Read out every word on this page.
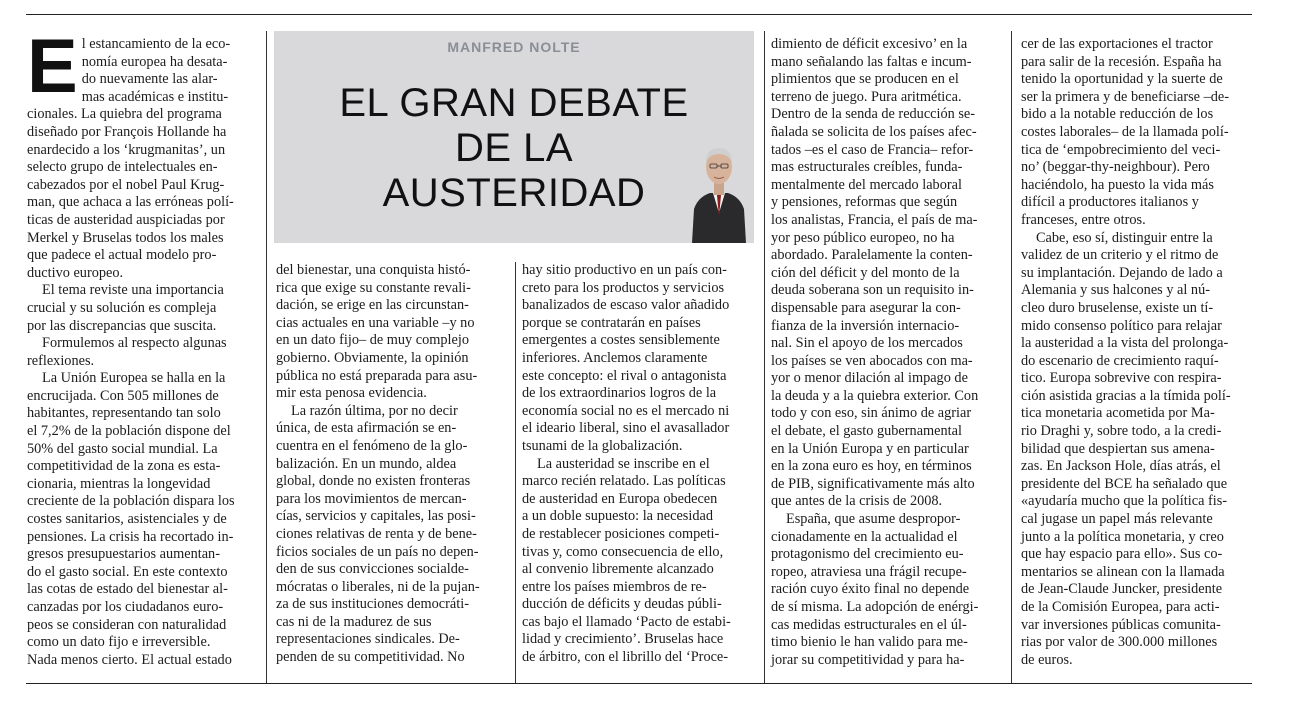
MANFRED NOLTE
EL GRAN DEBATE
DE LA
AUSTERIDAD

El estancamiento de la eco-
nomía europea ha desata-
do nuevamente las alar-
mas académicas e institu-
cionales. La quiebra del programa
diseñado por François Hollande ha
enardecido a los ‘krugmanitas’, un
selecto grupo de intelectuales en-
cabezados por el nobel Paul Krug-
man, que achaca a las erróneas polí-
ticas de austeridad auspiciadas por
Merkel y Bruselas todos los males
que padece el actual modelo pro-
ductivo europeo.

El tema reviste una importancia
crucial y su solución es compleja
por las discrepancias que suscita.

Formulemos al respecto algunas
reflexiones.

La Unión Europea se halla en la
encrucijada. Con 505 millones de
habitantes, representando tan solo
el 7,2% de la población dispone del
50% del gasto social mundial. La
competitividad de la zona es esta-
cionaria, mientras la longevidad
creciente de la población dispara los
costes sanitarios, asistenciales y de
pensiones. La crisis ha recortado in-
gresos presupuestarios aumentan-
do el gasto social. En este contexto
las cotas de estado del bienestar al-
canzadas por los ciudadanos euro-
peos se consideran con naturalidad
como un dato fijo e irreversible.
Nada menos cierto. El actual estado

del bienestar, una conquista histó-
rica que exige su constante revali-
dación, se erige en las circunstan-
cias actuales en una variable –y no
en un dato fijo– de muy complejo
gobierno. Obviamente, la opinión
pública no está preparada para asu-
mir esta penosa evidencia.

La razón última, por no decir
única, de esta afirmación se en-
cuentra en el fenómeno de la glo-
balización. En un mundo, aldea
global, donde no existen fronteras
para los movimientos de mercan-
cías, servicios y capitales, las posi-
ciones relativas de renta y de bene-
ficios sociales de un país no depen-
den de sus convicciones socialde-
mócratas o liberales, ni de la pujan-
za de sus instituciones democráti-
cas ni de la madurez de sus
representaciones sindicales. De-
penden de su competitividad. No

hay sitio productivo en un país con-
creto para los productos y servicios
banalizados de escaso valor añadido
porque se contratarán en países
emergentes a costes sensiblemente
inferiores. Anclemos claramente
este concepto: el rival o antagonista
de los extraordinarios logros de la
economía social no es el mercado ni
el ideario liberal, sino el avasallador
tsunami de la globalización.

La austeridad se inscribe en el
marco recién relatado. Las políticas
de austeridad en Europa obedecen
a un doble supuesto: la necesidad
de restablecer posiciones competi-
tivas y, como consecuencia de ello,
al convenio libremente alcanzado
entre los países miembros de re-
ducción de déficits y deudas públi-
cas bajo el llamado ‘Pacto de estabi-
lidad y crecimiento’. Bruselas hace
de árbitro, con el librillo del ‘Proce-

dimiento de déficit excesivo’ en la
mano señalando las faltas e incum-
plimientos que se producen en el
terreno de juego. Pura aritmética.
Dentro de la senda de reducción se-
ñalada se solicita de los países afec-
tados –es el caso de Francia– refor-
mas estructurales creíbles, funda-
mentalmente del mercado laboral
y pensiones, reformas que según
los analistas, Francia, el país de ma-
yor peso público europeo, no ha
abordado. Paralelamente la conten-
ción del déficit y del monto de la
deuda soberana son un requisito in-
dispensable para asegurar la con-
fianza de la inversión internacio-
nal. Sin el apoyo de los mercados
los países se ven abocados con ma-
yor o menor dilación al impago de
la deuda y a la quiebra exterior. Con
todo y con eso, sin ánimo de agriar
el debate, el gasto gubernamental
en la Unión Europa y en particular
en la zona euro es hoy, en términos
de PIB, significativamente más alto
que antes de la crisis de 2008.

España, que asume despropor-
cionadamente en la actualidad el
protagonismo del crecimiento eu-
ropeo, atraviesa una frágil recupe-
ración cuyo éxito final no depende
de sí misma. La adopción de enérgi-
cas medidas estructurales en el úl-
timo bienio le han valido para me-
jorar su competitividad y para ha-

cer de las exportaciones el tractor
para salir de la recesión. España ha
tenido la oportunidad y la suerte de
ser la primera y de beneficiarse –de-
bido a la notable reducción de los
costes laborales– de la llamada polí-
tica de ‘empobrecimiento del veci-
no’ (beggar-thy-neighbour). Pero
haciéndolo, ha puesto la vida más
difícil a productores italianos y
franceses, entre otros.

Cabe, eso sí, distinguir entre la
validez de un criterio y el ritmo de
su implantación. Dejando de lado a
Alemania y sus halcones y al nú-
cleo duro bruselense, existe un tí-
mido consenso político para relajar
la austeridad a la vista del prolonga-
do escenario de crecimiento raquí-
tico. Europa sobrevive con respira-
ción asistida gracias a la tímida polí-
tica monetaria acometida por Ma-
rio Draghi y, sobre todo, a la credi-
bilidad que despiertan sus amena-
zas. En Jackson Hole, días atrás, el
presidente del BCE ha señalado que
«ayudaría mucho que la política fis-
cal jugase un papel más relevante
junto a la política monetaria, y creo
que hay espacio para ello». Sus co-
mentarios se alinean con la llamada
de Jean-Claude Juncker, presidente
de la Comisión Europea, para acti-
var inversiones públicas comunita-
rias por valor de 300.000 millones
de euros.
